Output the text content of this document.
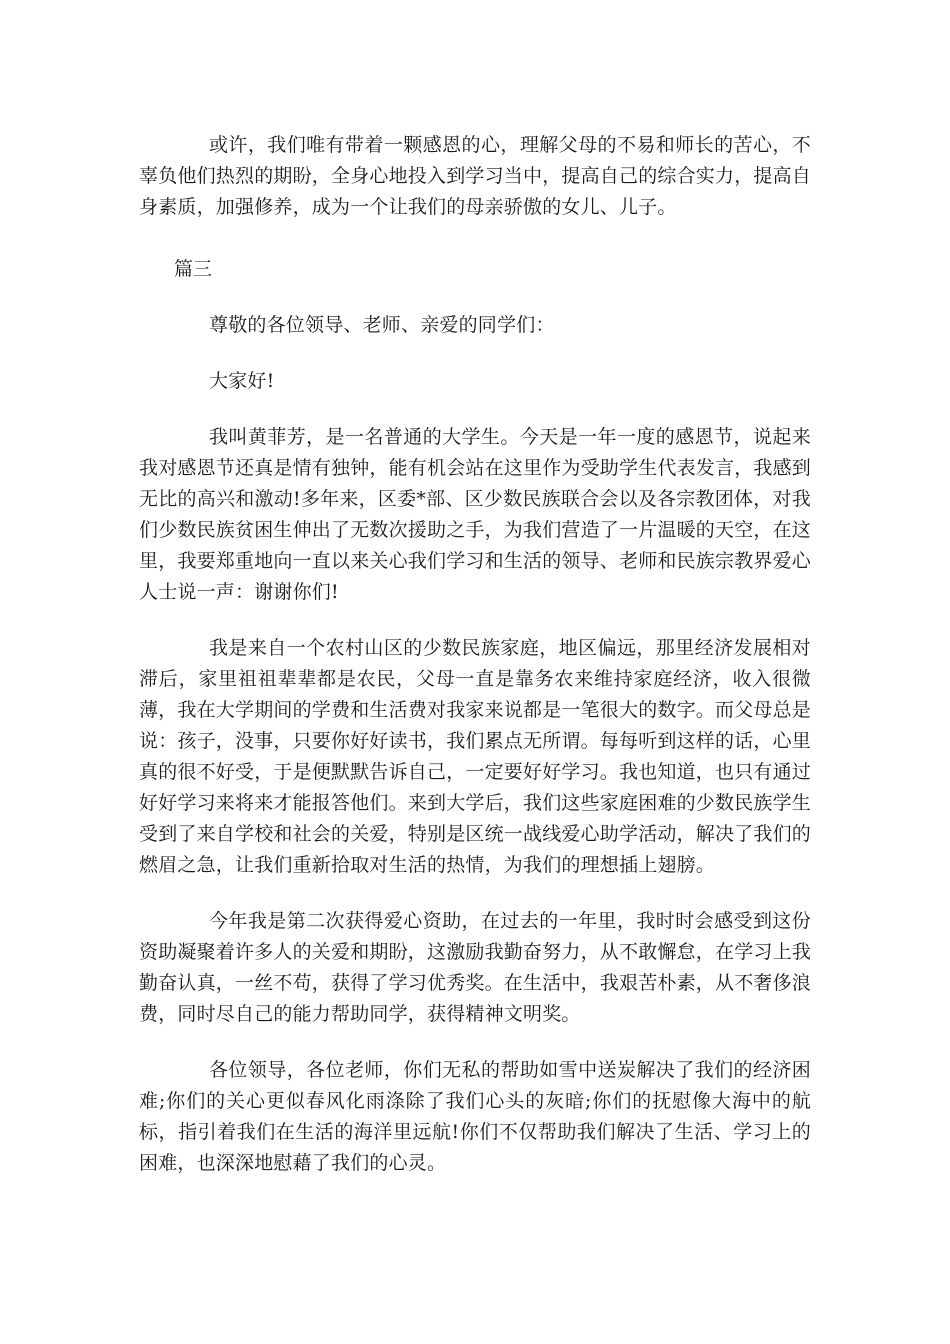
或许，我们唯有带着一颗感恩的心，理解父母的不易和师长的苦心，不辜负他们热烈的期盼，全身心地投入到学习当中，提高自己的综合实力，提高自身素质，加强修养，成为一个让我们的母亲骄傲的女儿、儿子。

篇三

尊敬的各位领导、老师、亲爱的同学们：

大家好!

我叫黄菲芳，是一名普通的大学生。今天是一年一度的感恩节，说起来我对感恩节还真是情有独钟，能有机会站在这里作为受助学生代表发言，我感到无比的高兴和激动!多年来，区委*部、区少数民族联合会以及各宗教团体，对我们少数民族贫困生伸出了无数次援助之手，为我们营造了一片温暖的天空，在这里，我要郑重地向一直以来关心我们学习和生活的领导、老师和民族宗教界爱心人士说一声：谢谢你们!

我是来自一个农村山区的少数民族家庭，地区偏远，那里经济发展相对滞后，家里祖祖辈辈都是农民，父母一直是靠务农来维持家庭经济，收入很微薄，我在大学期间的学费和生活费对我家来说都是一笔很大的数字。而父母总是说：孩子，没事，只要你好好读书，我们累点无所谓。每每听到这样的话，心里真的很不好受，于是便默默告诉自己，一定要好好学习。我也知道，也只有通过好好学习来将来才能报答他们。来到大学后，我们这些家庭困难的少数民族学生受到了来自学校和社会的关爱，特别是区统一战线爱心助学活动，解决了我们的燃眉之急，让我们重新拾取对生活的热情，为我们的理想插上翅膀。

今年我是第二次获得爱心资助，在过去的一年里，我时时会感受到这份资助凝聚着许多人的关爱和期盼，这激励我勤奋努力，从不敢懈怠，在学习上我勤奋认真，一丝不苟，获得了学习优秀奖。在生活中，我艰苦朴素，从不奢侈浪费，同时尽自己的能力帮助同学，获得精神文明奖。

各位领导，各位老师，你们无私的帮助如雪中送炭解决了我们的经济困难;你们的关心更似春风化雨涤除了我们心头的灰暗;你们的抚慰像大海中的航标，指引着我们在生活的海洋里远航!你们不仅帮助我们解决了生活、学习上的困难，也深深地慰藉了我们的心灵。
